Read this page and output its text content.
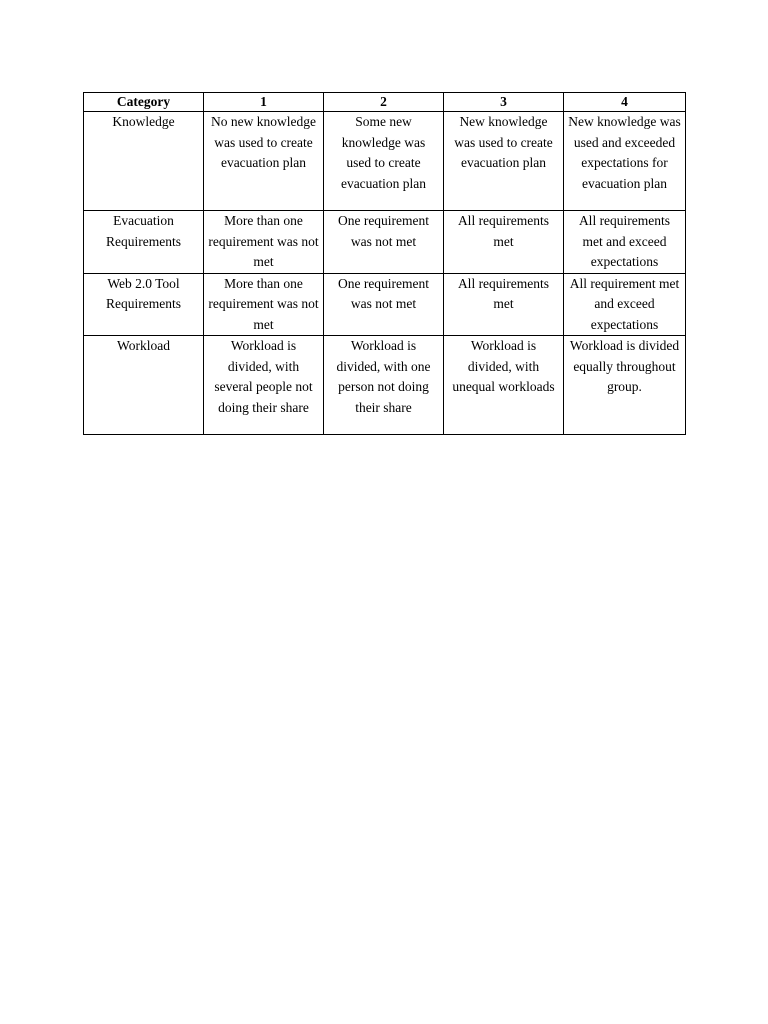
Category	1	2	3	4
Knowledge	No new knowledge was used to create evacuation plan	Some new knowledge was used to create evacuation plan	New knowledge was used to create evacuation plan	New knowledge was used and exceeded expectations for evacuation plan
Evacuation Requirements	More than one requirement was not met	One requirement was not met	All requirements met	All requirements met and exceed expectations
Web 2.0 Tool Requirements	More than one requirement was not met	One requirement was not met	All requirements met	All requirement met and exceed expectations
Workload	Workload is divided, with several people not doing their share	Workload is divided, with one person not doing their share	Workload is divided, with unequal workloads	Workload is divided equally throughout group.
